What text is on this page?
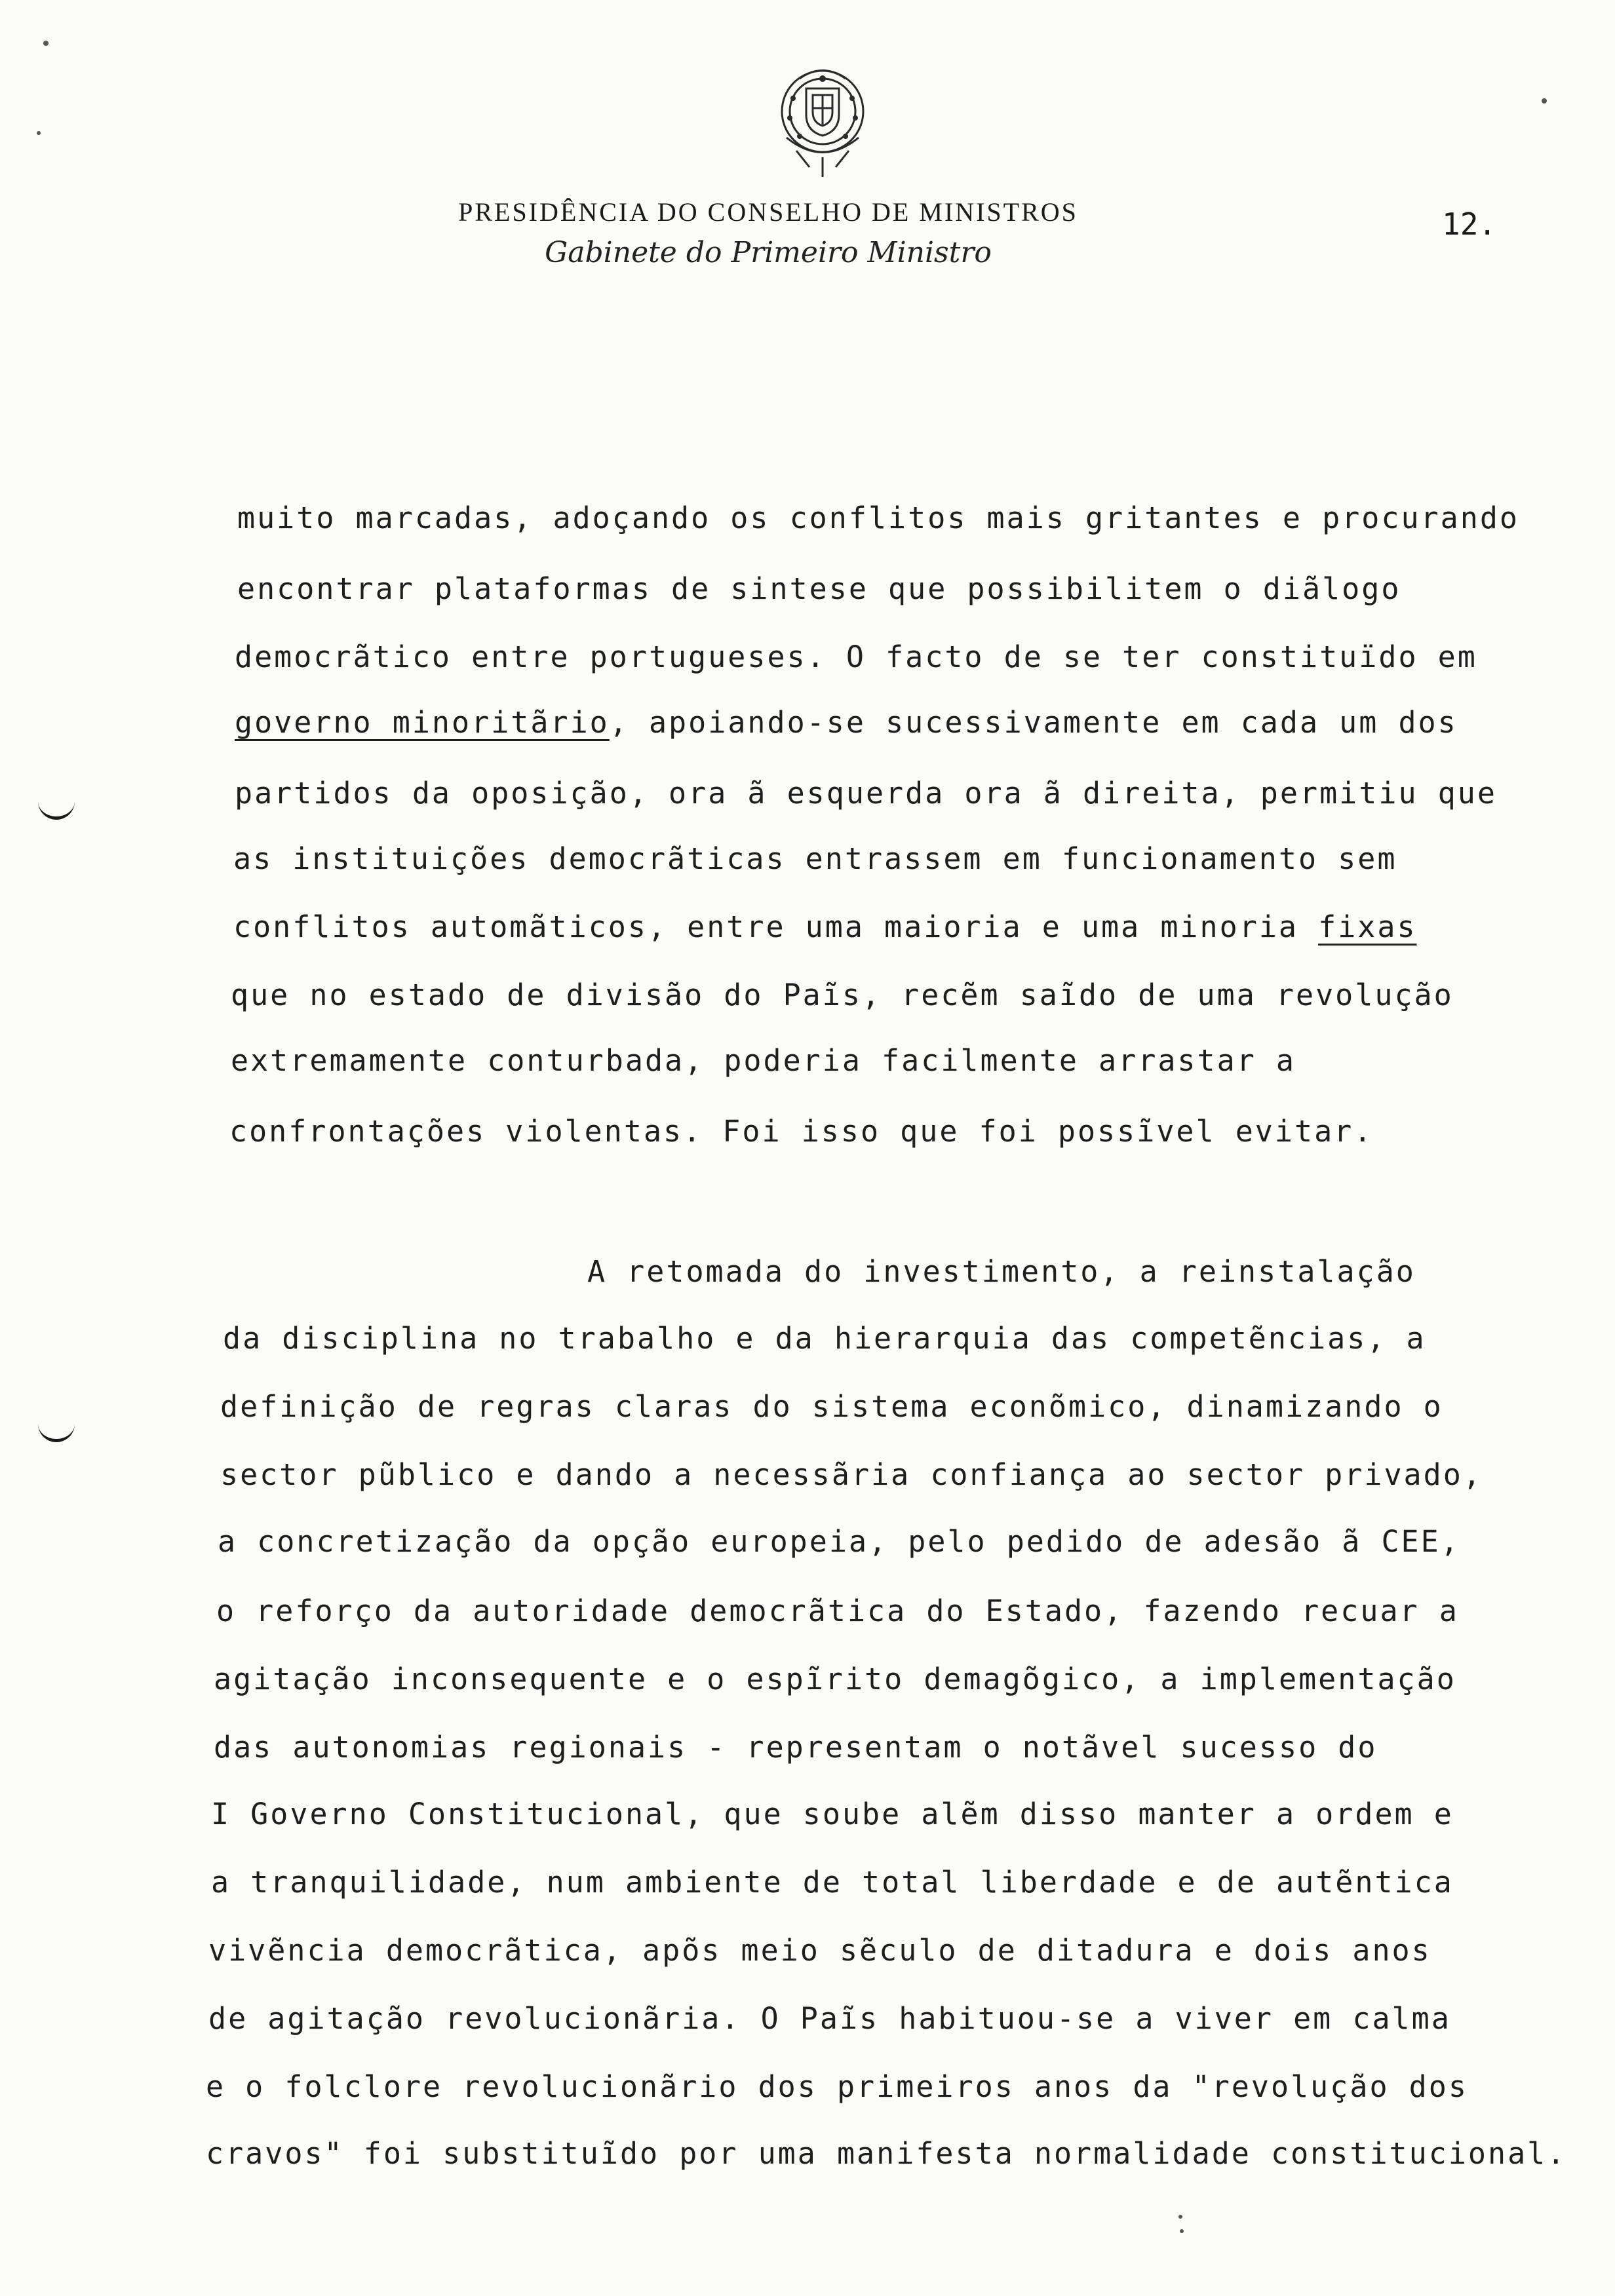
PRESIDÊNCIA DO CONSELHO DE MINISTROS
Gabinete do Primeiro Ministro
12.
muito marcadas, adoçando os conflitos mais gritantes e procurando
encontrar plataformas de sintese que possibilitem o diãlogo
democrãtico entre portugueses. O facto de se ter constituïdo em
governo minoritãrio, apoiando-se sucessivamente em cada um dos
partidos da oposição, ora ã esquerda ora ã direita, permitiu que
as instituições democrãticas entrassem em funcionamento sem
conflitos automãticos, entre uma maioria e uma minoria fixas
que no estado de divisão do Paĩs, recẽm saĩdo de uma revolução
extremamente conturbada, poderia facilmente arrastar a
confrontações violentas. Foi isso que foi possĩvel evitar.
A retomada do investimento, a reinstalação
da disciplina no trabalho e da hierarquia das competẽncias, a
definição de regras claras do sistema econõmico, dinamizando o
sector pũblico e dando a necessãria confiança ao sector privado,
a concretização da opção europeia, pelo pedido de adesão ã CEE,
o reforço da autoridade democrãtica do Estado, fazendo recuar a
agitação inconsequente e o espĩrito demagõgico, a implementação
das autonomias regionais - representam o notãvel sucesso do
I Governo Constitucional, que soube alẽm disso manter a ordem e
a tranquilidade, num ambiente de total liberdade e de autẽntica
vivẽncia democrãtica, apõs meio sẽculo de ditadura e dois anos
de agitação revolucionãria. O Paĩs habituou-se a viver em calma
e o folclore revolucionãrio dos primeiros anos da "revolução dos
cravos" foi substituĩdo por uma manifesta normalidade constitucional.
